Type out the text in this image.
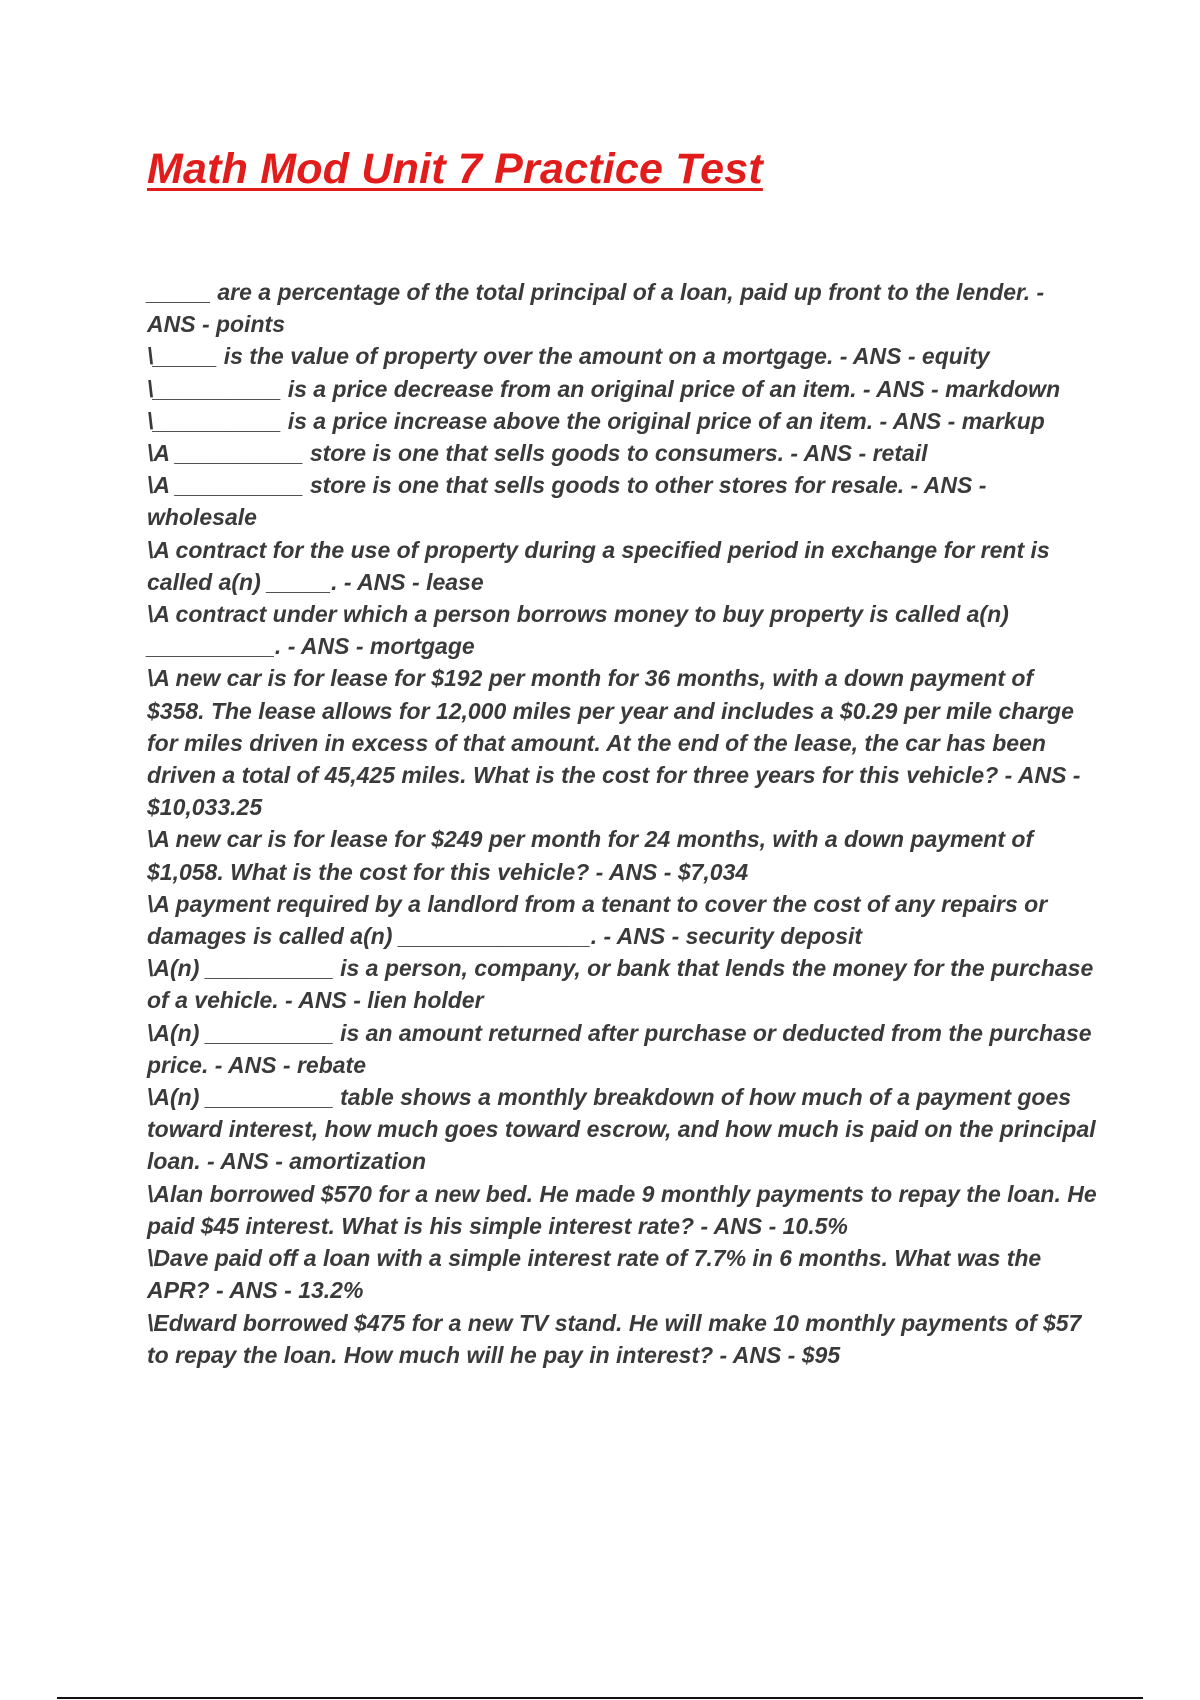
Math Mod Unit 7 Practice Test

_____ are a percentage of the total principal of a loan, paid up front to the lender. - ANS - points

\_____ is the value of property over the amount on a mortgage. - ANS - equity

\__________ is a price decrease from an original price of an item. - ANS - markdown

\__________ is a price increase above the original price of an item. - ANS - markup

\A __________ store is one that sells goods to consumers. - ANS - retail

\A __________ store is one that sells goods to other stores for resale. - ANS - wholesale

\A contract for the use of property during a specified period in exchange for rent is called a(n) _____. - ANS - lease

\A contract under which a person borrows money to buy property is called a(n) __________. - ANS - mortgage

\A new car is for lease for $192 per month for 36 months, with a down payment of $358. The lease allows for 12,000 miles per year and includes a $0.29 per mile charge for miles driven in excess of that amount. At the end of the lease, the car has been driven a total of 45,425 miles. What is the cost for three years for this vehicle? - ANS - $10,033.25

\A new car is for lease for $249 per month for 24 months, with a down payment of $1,058. What is the cost for this vehicle? - ANS - $7,034

\A payment required by a landlord from a tenant to cover the cost of any repairs or damages is called a(n) _______________. - ANS - security deposit

\A(n) __________ is a person, company, or bank that lends the money for the purchase of a vehicle. - ANS - lien holder

\A(n) __________ is an amount returned after purchase or deducted from the purchase price. - ANS - rebate

\A(n) __________ table shows a monthly breakdown of how much of a payment goes toward interest, how much goes toward escrow, and how much is paid on the principal loan. - ANS - amortization

\Alan borrowed $570 for a new bed. He made 9 monthly payments to repay the loan. He paid $45 interest. What is his simple interest rate? - ANS - 10.5%

\Dave paid off a loan with a simple interest rate of 7.7% in 6 months. What was the APR? - ANS - 13.2%

\Edward borrowed $475 for a new TV stand. He will make 10 monthly payments of $57 to repay the loan. How much will he pay in interest? - ANS - $95
